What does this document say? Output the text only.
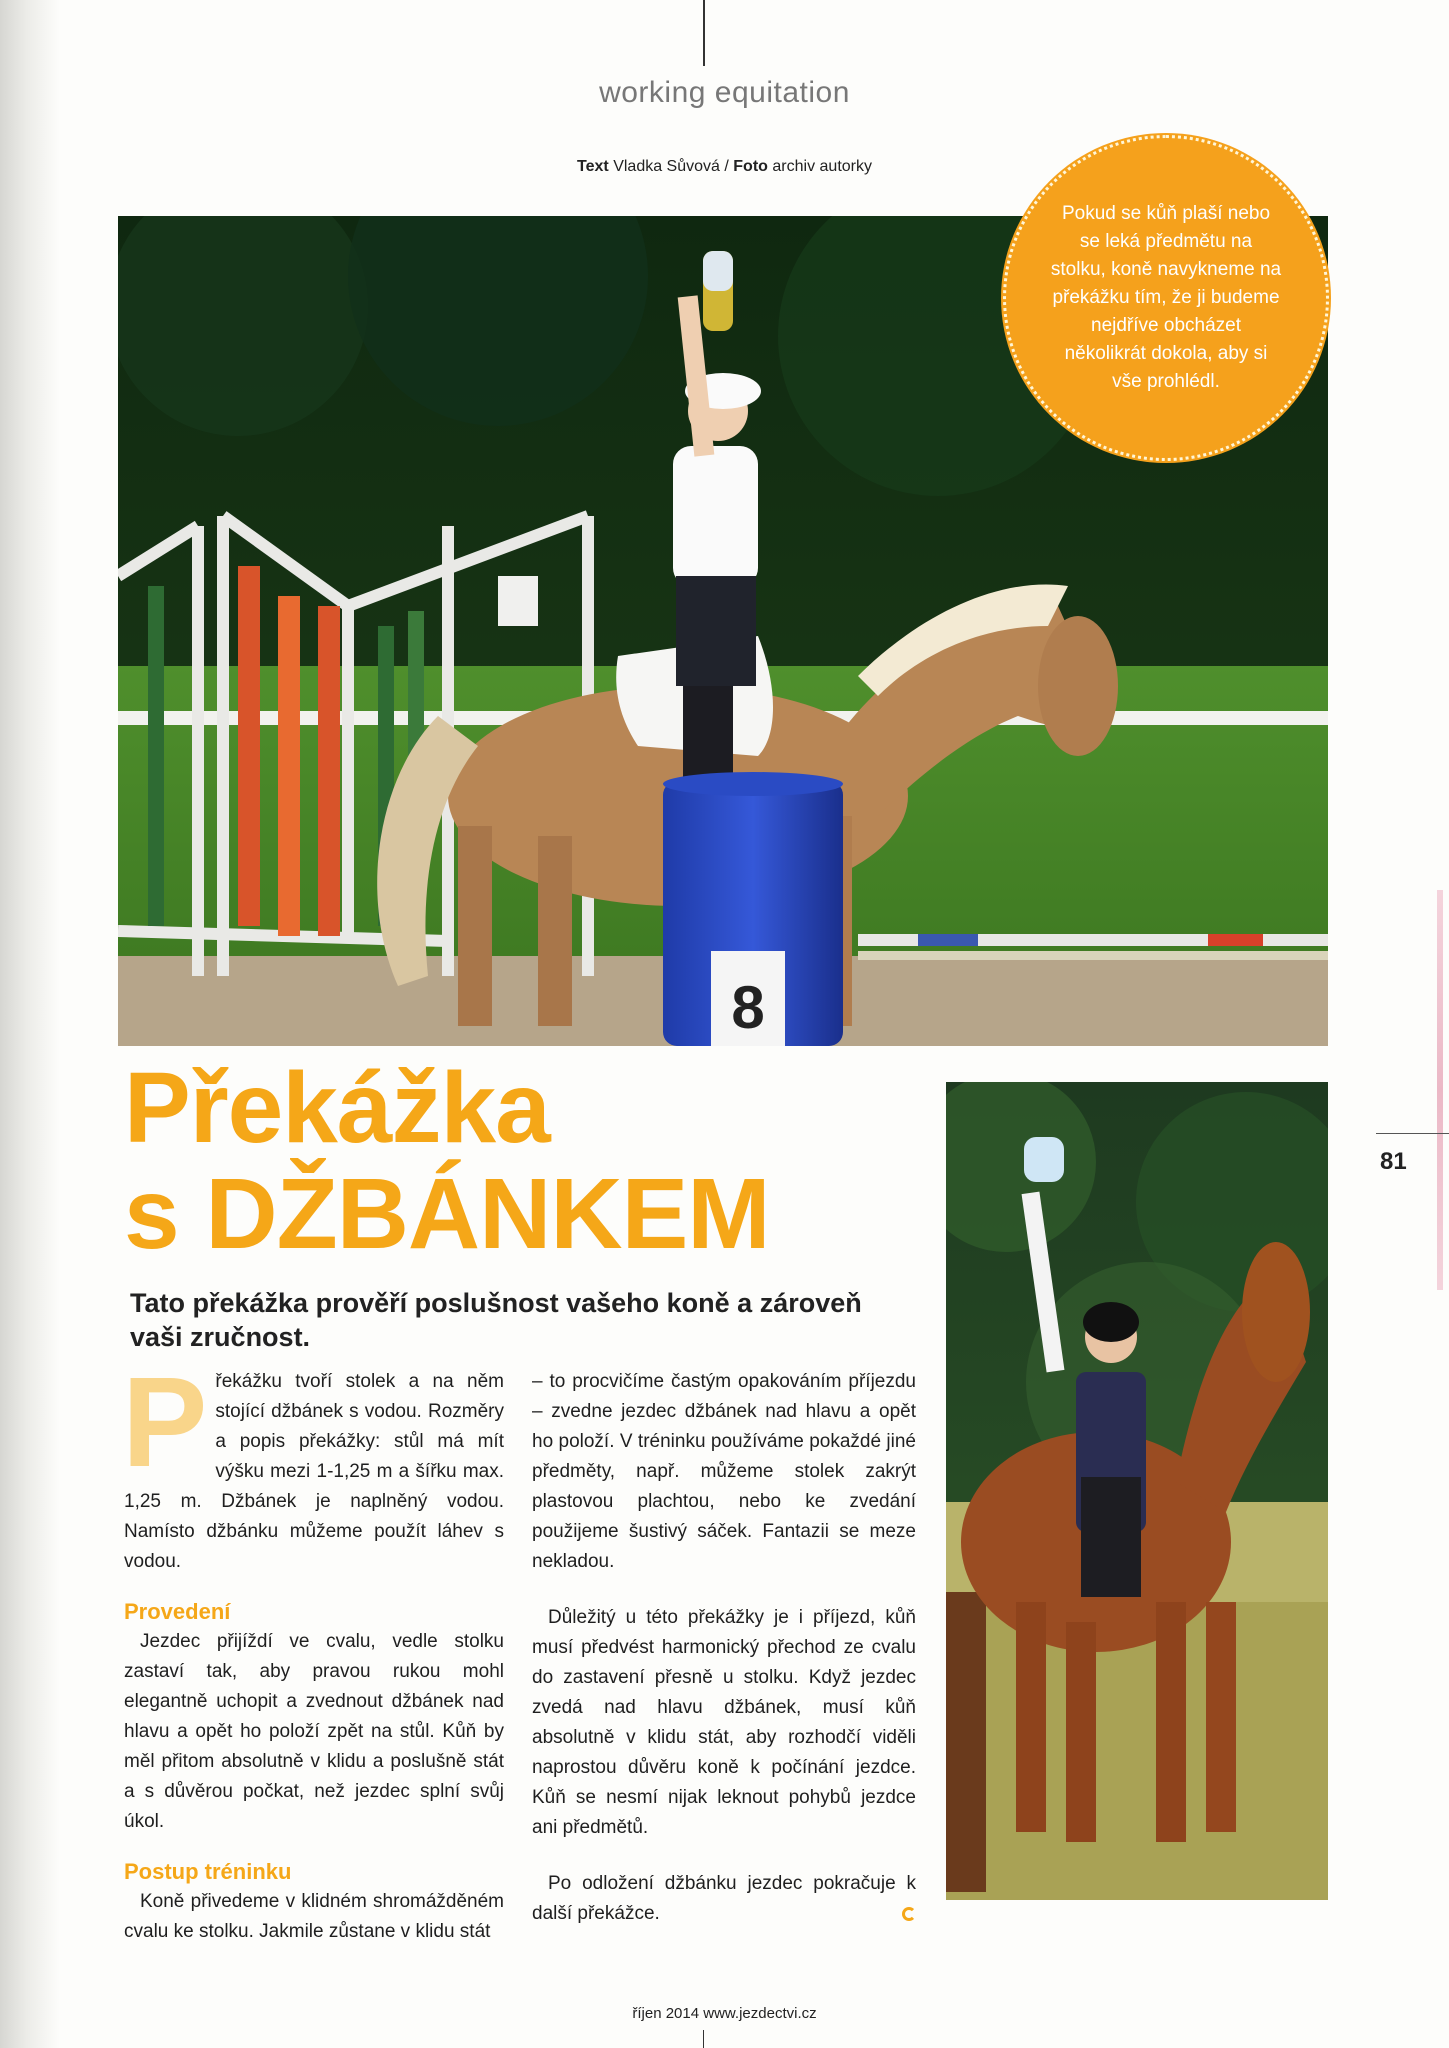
working equitation
Text Vladka Sůvová / Foto archiv autorky
8

Pokud se kůň plaší nebo se leká předmětu na stolku, koně navykneme na překážku tím, že ji budeme nejdříve obcházet několikrát dokola, aby si vše prohlédl.

81
Překážka
s DŽBÁNKEM
Tato překážka prověří poslušnost vašeho koně a zároveň vaši zručnost.

Překážku tvoří stolek a na něm stojící džbánek s vodou. Rozměry a popis překážky: stůl má mít výšku mezi 1-1,25 m a šířku max. 1,25 m. Džbánek je naplněný vodou. Namísto džbánku můžeme použít láhev s vodou.

Provedení

Jezdec přijíždí ve cvalu, vedle stolku zastaví tak, aby pravou rukou mohl elegantně uchopit a zvednout džbánek nad hlavu a opět ho položí zpět na stůl. Kůň by měl přitom absolutně v klidu a poslušně stát a s důvěrou počkat, než jezdec splní svůj úkol.

Postup tréninku

Koně přivedeme v klidném shromážděném cvalu ke stolku. Jakmile zůstane v klidu stát

– to procvičíme častým opakováním příjezdu – zvedne jezdec džbánek nad hlavu a opět ho položí. V tréninku používáme pokaždé jiné předměty, např. můžeme stolek zakrýt plastovou plachtou, nebo ke zvedání použijeme šustivý sáček. Fantazii se meze nekladou.

Důležitý u této překážky je i příjezd, kůň musí předvést harmonický přechod ze cvalu do zastavení přesně u stolku. Když jezdec zvedá nad hlavu džbánek, musí kůň absolutně v klidu stát, aby rozhodčí viděli naprostou důvěru koně k počínání jezdce. Kůň se nesmí nijak leknout pohybů jezdce ani předmětů.

Po odložení džbánku jezdec pokračuje k další překážce.

říjen 2014 www.jezdectvi.cz
